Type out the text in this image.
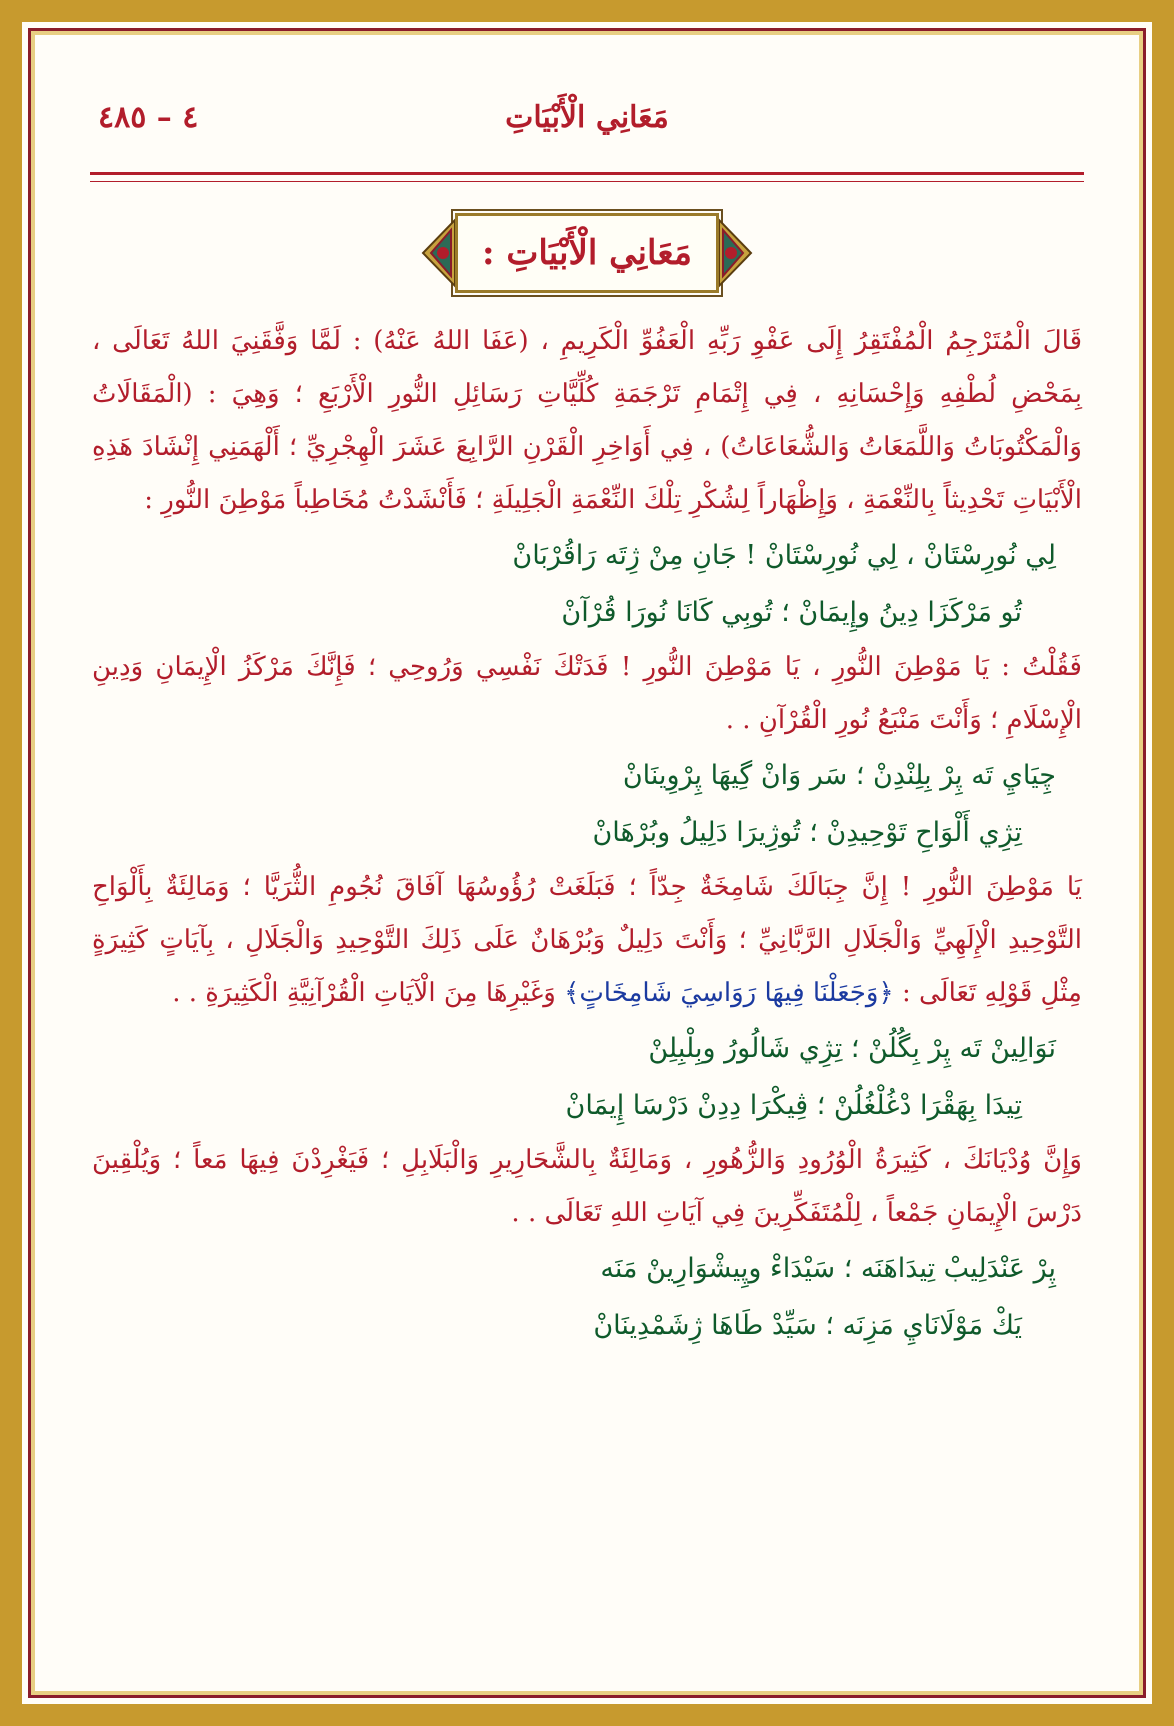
مَعَانِي الْأَبْيَاتِ
٤ – ٤٨٥
مَعَانِي الْأَبْيَاتِ :

قَالَ الْمُتَرْجِمُ الْمُفْتَقِرُ إِلَى عَفْوِ رَبِّهِ الْعَفُوِّ الْكَرِيمِ ، (عَفَا اللهُ عَنْهُ) : لَمَّا وَفَّقَنِيَ اللهُ تَعَالَى ، بِمَحْضِ لُطْفِهِ وَإِحْسَانِهِ ، فِي إِتْمَامِ تَرْجَمَةِ كُلِّيَّاتِ رَسَائِلِ النُّورِ الْأَرْبَعِ ؛ وَهِيَ : (الْمَقَالَاتُ وَالْمَكْتُوبَاتُ وَاللَّمَعَاتُ وَالشُّعَاعَاتُ) ، فِي أَوَاخِرِ الْقَرْنِ الرَّابِعَ عَشَرَ الْهِجْرِيِّ ؛ أَلْهَمَنِي إِنْشَادَ هَذِهِ الْأَبْيَاتِ تَحْدِيثاً بِالنِّعْمَةِ ، وَإِظْهَاراً لِشُكْرِ تِلْكَ النِّعْمَةِ الْجَلِيلَةِ ؛ فَأَنْشَدْتُ مُخَاطِباً مَوْطِنَ النُّورِ :

لِي نُورِسْتَانْ ، لِي نُورِسْتَانْ ! جَانِ مِنْ ژِتَه رَاقُرْبَانْ
تُو مَرْكَزَا دِينُ وإِيمَانْ ؛ تُوبِي كَانَا نُورَا قُرْآنْ

فَقُلْتُ : يَا مَوْطِنَ النُّورِ ، يَا مَوْطِنَ النُّورِ ! فَدَتْكَ نَفْسِي وَرُوحِي ؛ فَإِنَّكَ مَرْكَزُ الْإِيمَانِ وَدِينِ الْإِسْلَامِ ؛ وَأَنْتَ مَنْبَعُ نُورِ الْقُرْآنِ . .

چِيَايِ تَه پِرْ بِلِنْدِنْ ؛ سَر وَانْ گِيهَا پِرْوِينَانْ
تِژِي أَلْوَاحِ تَوْحِيدِنْ ؛ تُوژِيرَا دَلِيلُ وبُرْهَانْ

يَا مَوْطِنَ النُّورِ ! إِنَّ جِبَالَكَ شَامِخَةٌ جِدّاً ؛ فَبَلَغَتْ رُؤُوسُهَا آفَاقَ نُجُومِ الثُّرَيَّا ؛ وَمَالِئَةٌ بِأَلْوَاحِ التَّوْحِيدِ الْإِلَهِيِّ وَالْجَلَالِ الرَّبَّانِيِّ ؛ وَأَنْتَ دَلِيلٌ وَبُرْهَانٌ عَلَى ذَلِكَ التَّوْحِيدِ وَالْجَلَالِ ، بِآيَاتٍ كَثِيرَةٍ مِثْلِ قَوْلِهِ تَعَالَى : ﴿وَجَعَلْنَا فِيهَا رَوَاسِيَ شَامِخَاتٍ﴾ وَغَيْرِهَا مِنَ الْآيَاتِ الْقُرْآنِيَّةِ الْكَثِيرَةِ . .

نَوَالِينْ تَه پِرْ بِگُلُنْ ؛ تِژِي شَالُورُ وبِلْبِلِنْ
تِيدَا بِهَقْرَا دْغُلْغُلُنْ ؛ ڤِيكْرَا دِدِنْ دَرْسَا إِيمَانْ

وَإِنَّ وُدْيَانَكَ ، كَثِيرَةُ الْوُرُودِ وَالزُّهُورِ ، وَمَالِئَةٌ بِالشَّحَارِيرِ وَالْبَلَابِلِ ؛ فَيَغْرِدْنَ فِيهَا مَعاً ؛ وَيُلْقِينَ دَرْسَ الْإِيمَانِ جَمْعاً ، لِلْمُتَفَكِّرِينَ فِي آيَاتِ اللهِ تَعَالَى . .

پِرْ عَنْدَلِيبْ تِيدَاهَنَه ؛ سَيْدَاءْ وپِيشْوَارِينْ مَنَه
يَكْ مَوْلَانَايِ مَزِنَه ؛ سَيِّدْ طَاهَا ژِشَمْدِينَانْ
